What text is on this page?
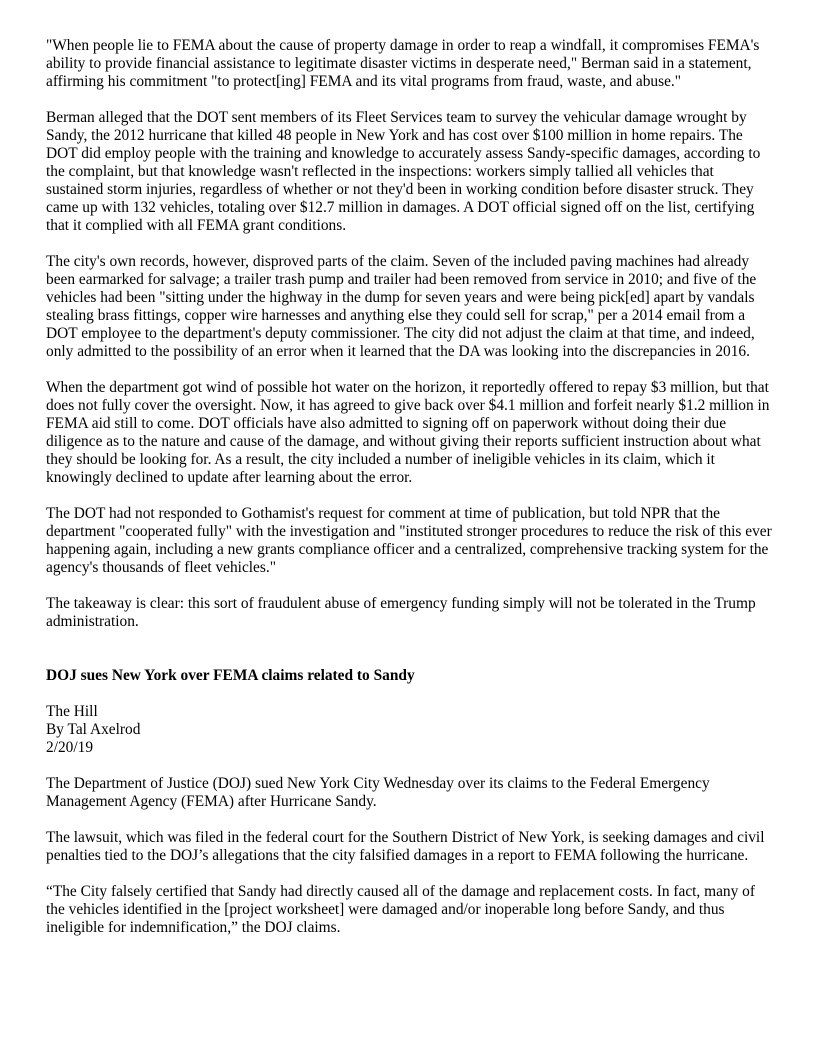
"When people lie to FEMA about the cause of property damage in order to reap a windfall, it compromises FEMA's ability to provide financial assistance to legitimate disaster victims in desperate need," Berman said in a statement, affirming his commitment "to protect[ing] FEMA and its vital programs from fraud, waste, and abuse."

Berman alleged that the DOT sent members of its Fleet Services team to survey the vehicular damage wrought by Sandy, the 2012 hurricane that killed 48 people in New York and has cost over $100 million in home repairs. The DOT did employ people with the training and knowledge to accurately assess Sandy-specific damages, according to the complaint, but that knowledge wasn't reflected in the inspections: workers simply tallied all vehicles that sustained storm injuries, regardless of whether or not they'd been in working condition before disaster struck. They came up with 132 vehicles, totaling over $12.7 million in damages. A DOT official signed off on the list, certifying that it complied with all FEMA grant conditions.

The city's own records, however, disproved parts of the claim. Seven of the included paving machines had already been earmarked for salvage; a trailer trash pump and trailer had been removed from service in 2010; and five of the vehicles had been "sitting under the highway in the dump for seven years and were being pick[ed] apart by vandals stealing brass fittings, copper wire harnesses and anything else they could sell for scrap," per a 2014 email from a DOT employee to the department's deputy commissioner. The city did not adjust the claim at that time, and indeed, only admitted to the possibility of an error when it learned that the DA was looking into the discrepancies in 2016.

When the department got wind of possible hot water on the horizon, it reportedly offered to repay $3 million, but that does not fully cover the oversight. Now, it has agreed to give back over $4.1 million and forfeit nearly $1.2 million in FEMA aid still to come. DOT officials have also admitted to signing off on paperwork without doing their due diligence as to the nature and cause of the damage, and without giving their reports sufficient instruction about what they should be looking for. As a result, the city included a number of ineligible vehicles in its claim, which it knowingly declined to update after learning about the error.

The DOT had not responded to Gothamist's request for comment at time of publication, but told NPR that the department "cooperated fully" with the investigation and "instituted stronger procedures to reduce the risk of this ever happening again, including a new grants compliance officer and a centralized, comprehensive tracking system for the agency's thousands of fleet vehicles."

The takeaway is clear: this sort of fraudulent abuse of emergency funding simply will not be tolerated in the Trump administration.

DOJ sues New York over FEMA claims related to Sandy

The Hill
By Tal Axelrod
2/20/19

The Department of Justice (DOJ) sued New York City Wednesday over its claims to the Federal Emergency Management Agency (FEMA) after Hurricane Sandy.

The lawsuit, which was filed in the federal court for the Southern District of New York, is seeking damages and civil penalties tied to the DOJ’s allegations that the city falsified damages in a report to FEMA following the hurricane.

“The City falsely certified that Sandy had directly caused all of the damage and replacement costs. In fact, many of the vehicles identified in the [project worksheet] were damaged and/or inoperable long before Sandy, and thus ineligible for indemnification,” the DOJ claims.
